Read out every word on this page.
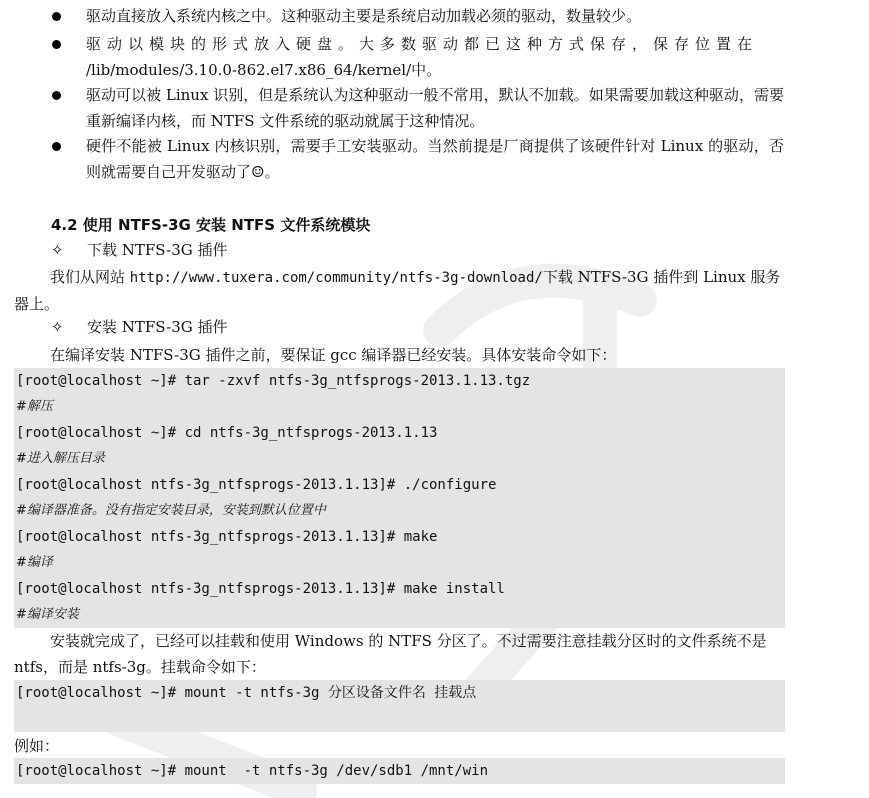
驱动直接放入系统内核之中。这种驱动主要是系统启动加载必须的驱动，数量较少。
驱动以模块的形式放入硬盘。大多数驱动都已这种方式保存，保存位置在
/lib/modules/3.10.0-862.el7.x86_64/kernel/中。
驱动可以被 Linux 识别，但是系统认为这种驱动一般不常用，默认不加载。如果需要加载这种驱动，需要重新编译内核，而 NTFS 文件系统的驱动就属于这种情况。
硬件不能被 Linux 内核识别，需要手工安装驱动。当然前提是厂商提供了该硬件针对 Linux 的驱动，否则就需要自己开发驱动了☺。
4.2 使用 NTFS-3G 安装 NTFS 文件系统模块
✧ 下载 NTFS-3G 插件
我们从网站 http://www.tuxera.com/community/ntfs-3g-download/下载 NTFS-3G 插件到 Linux 服务器上。
✧ 安装 NTFS-3G 插件
在编译安装 NTFS-3G 插件之前，要保证 gcc 编译器已经安装。具体安装命令如下：
[root@localhost ~]# tar -zxvf ntfs-3g_ntfsprogs-2013.1.13.tgz
#解压
[root@localhost ~]# cd ntfs-3g_ntfsprogs-2013.1.13
#进入解压目录
[root@localhost ntfs-3g_ntfsprogs-2013.1.13]# ./configure
#编译器准备。没有指定安装目录，安装到默认位置中
[root@localhost ntfs-3g_ntfsprogs-2013.1.13]# make
#编译
[root@localhost ntfs-3g_ntfsprogs-2013.1.13]# make install
#编译安装
安装就完成了，已经可以挂载和使用 Windows 的 NTFS 分区了。不过需要注意挂载分区时的文件系统不是 ntfs，而是 ntfs-3g。挂载命令如下：
[root@localhost ~]# mount -t ntfs-3g 分区设备文件名 挂载点
例如：
[root@localhost ~]# mount  -t ntfs-3g /dev/sdb1 /mnt/win
